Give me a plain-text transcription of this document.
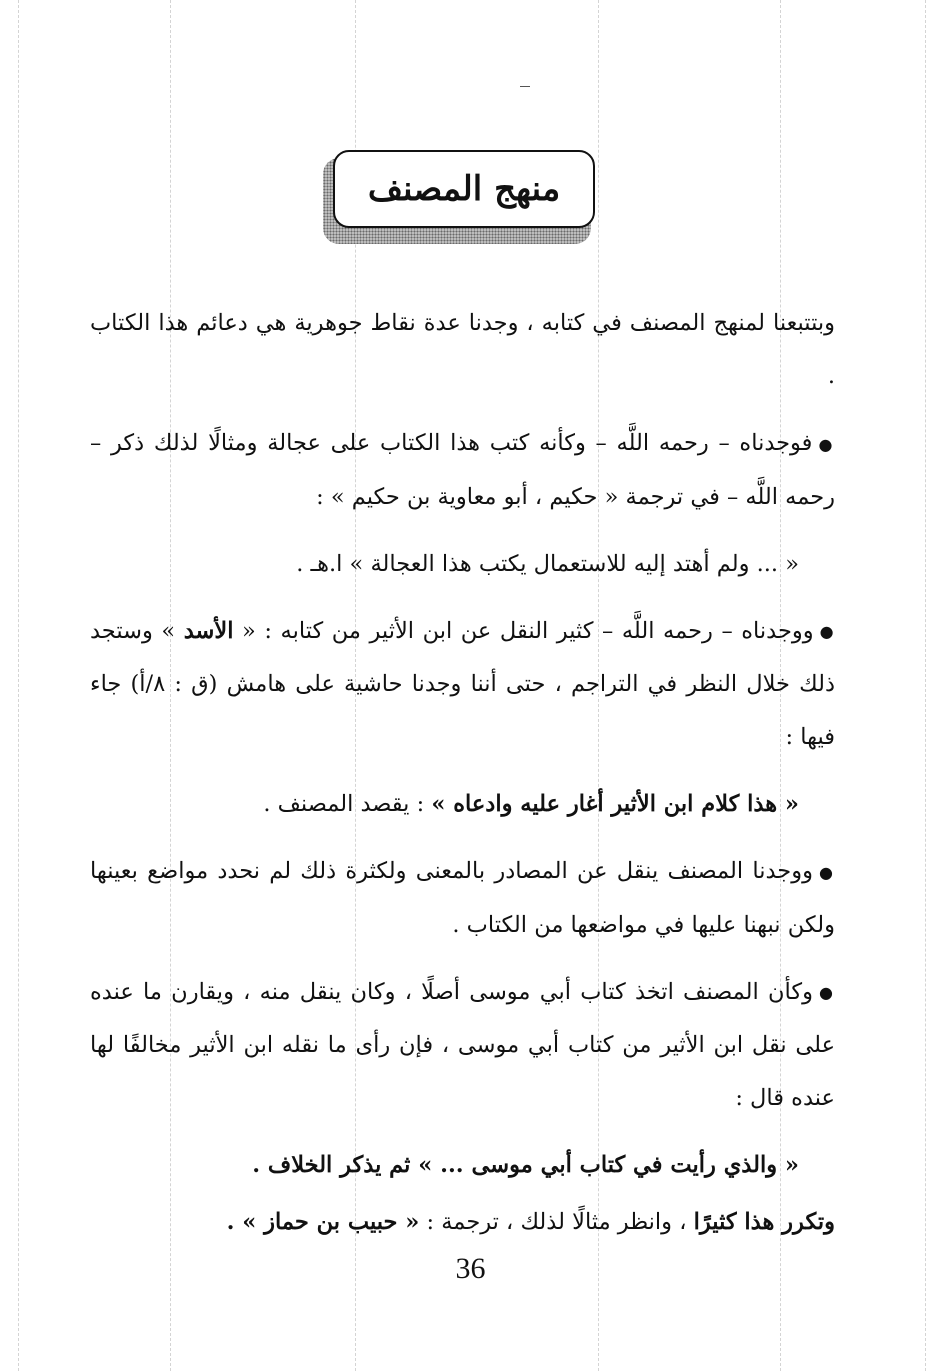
منهج المصنف

وبتتبعنا لمنهج المصنف في كتابه ، وجدنا عدة نقاط جوهرية هي دعائم هذا الكتاب .

●فوجدناه – رحمه اللَّه – وكأنه كتب هذا الكتاب على عجالة ومثالًا لذلك ذكر – رحمه اللَّه – في ترجمة « حكيم ، أبو معاوية بن حكيم » :

« ... ولم أهتد إليه للاستعمال يكتب هذا العجالة » ا.هـ .

●ووجدناه – رحمه اللَّه – كثير النقل عن ابن الأثير من كتابه : « الأسد » وستجد ذلك خلال النظر في التراجم ، حتى أننا وجدنا حاشية على هامش (ق : ٨/أ) جاء فيها :

« هذا كلام ابن الأثير أغار عليه وادعاه » : يقصد المصنف .

●ووجدنا المصنف ينقل عن المصادر بالمعنى ولكثرة ذلك لم نحدد مواضع بعينها ولكن نبهنا عليها في مواضعها من الكتاب .

●وكأن المصنف اتخذ كتاب أبي موسى أصلًا ، وكان ينقل منه ، ويقارن ما عنده على نقل ابن الأثير من كتاب أبي موسى ، فإن رأى ما نقله ابن الأثير مخالفًا لها عنده قال :

« والذي رأيت في كتاب أبي موسى ... » ثم يذكر الخلاف .

وتكرر هذا كثيرًا ، وانظر مثالًا لذلك ، ترجمة : « حبيب بن حماز » .

36
